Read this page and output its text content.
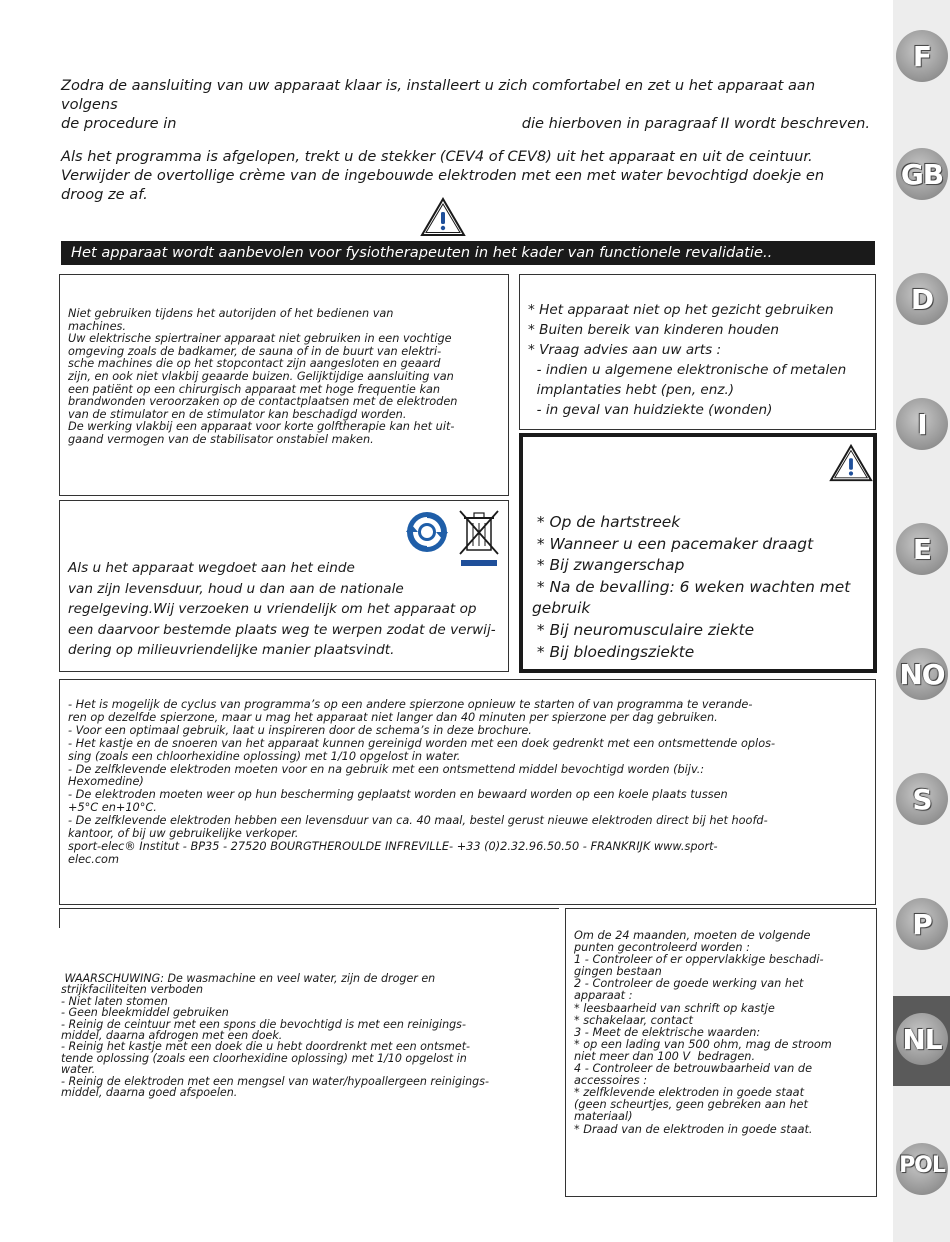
F
GB
D
I
E
NO
S
P
NL
POL

Zodra de aansluiting van uw apparaat klaar is, installeert u zich comfortabel en zet u het apparaat aan volgens

de procedure in	die hierboven in paragraaf II wordt beschreven.

Als het programma is afgelopen, trekt u de stekker (CEV4 of CEV8) uit het apparaat en uit de ceintuur.

Verwijder de overtollige crème van de ingebouwde elektroden met een met water bevochtigd doekje en

droog ze af.

Het apparaat wordt aanbevolen voor fysiotherapeuten in het kader van functionele revalidatie..

Niet gebruiken tijdens het autorijden of het bedienen van

machines.

Uw elektrische spiertrainer apparaat niet gebruiken in een vochtige

omgeving zoals de badkamer, de sauna of in de buurt van elektri-

sche machines die op het stopcontact zijn aangesloten en geaard

zijn, en ook niet vlakbij geaarde buizen. Gelijktijdige aansluiting van

een patiënt op een chirurgisch apparaat met hoge frequentie kan

brandwonden veroorzaken op de contactplaatsen met de elektroden

van de stimulator en de stimulator kan beschadigd worden.

De werking vlakbij een apparaat voor korte golftherapie kan het uit-

gaand vermogen van de stabilisator onstabiel maken.

* Het apparaat niet op het gezicht gebruiken

* Buiten bereik van kinderen houden

* Vraag advies aan uw arts :

- indien u algemene elektronische of metalen

implantaties hebt (pen, enz.)

- in geval van huidziekte (wonden)

Als u het apparaat wegdoet aan het einde

van zijn levensduur, houd u dan aan de nationale

regelgeving.Wij verzoeken u vriendelijk om het apparaat op

een daarvoor bestemde plaats weg te werpen zodat de verwij-

dering op milieuvriendelijke manier plaatsvindt.

* Op de hartstreek

* Wanneer u een pacemaker draagt

* Bij zwangerschap

* Na de bevalling: 6 weken wachten met

gebruik

* Bij neuromusculaire ziekte

* Bij bloedingsziekte

- Het is mogelijk de cyclus van programma’s op een andere spierzone opnieuw te starten of van programma te verande-

ren op dezelfde spierzone, maar u mag het apparaat niet langer dan 40 minuten per spierzone per dag gebruiken.

- Voor een optimaal gebruik, laat u inspireren door de schema’s in deze brochure.

- Het kastje en de snoeren van het apparaat kunnen gereinigd worden met een doek gedrenkt met een ontsmettende oplos-

sing (zoals een chloorhexidine oplossing) met 1/10 opgelost in water.

- De zelfklevende elektroden moeten voor en na gebruik met een ontsmettend middel bevochtigd worden (bijv.:

Hexomedine)

- De elektroden moeten weer op hun bescherming geplaatst worden en bewaard worden op een koele plaats tussen

+5°C en+10°C.

- De zelfklevende elektroden hebben een levensduur van ca. 40 maal, bestel gerust nieuwe elektroden direct bij het hoofd-

kantoor, of bij uw gebruikelijke verkoper.

sport-elec® Institut - BP35 - 27520 BOURGTHEROULDE INFREVILLE- +33 (0)2.32.96.50.50 - FRANKRIJK www.sport-

elec.com

WAARSCHUWING: De wasmachine en veel water, zijn de droger en

strijkfaciliteiten verboden

- Niet laten stomen

- Geen bleekmiddel gebruiken

- Reinig de ceintuur met een spons die bevochtigd is met een reinigings-

middel, daarna afdrogen met een doek.

- Reinig het kastje met een doek die u hebt doordrenkt met een ontsmet-

tende oplossing (zoals een cloorhexidine oplossing) met 1/10 opgelost in

water.

- Reinig de elektroden met een mengsel van water/hypoallergeen reinigings-

middel, daarna goed afspoelen.

Om de 24 maanden, moeten de volgende

punten gecontroleerd worden :

1 - Controleer of er oppervlakkige beschadi-

gingen bestaan

2 - Controleer de goede werking van het

apparaat :

* leesbaarheid van schrift op kastje

* schakelaar, contact

3 - Meet de elektrische waarden:

* op een lading van 500 ohm, mag de stroom

niet meer dan 100 V  bedragen.

4 - Controleer de betrouwbaarheid van de

accessoires :

* zelfklevende elektroden in goede staat

(geen scheurtjes, geen gebreken aan het

materiaal)

* Draad van de elektroden in goede staat.
